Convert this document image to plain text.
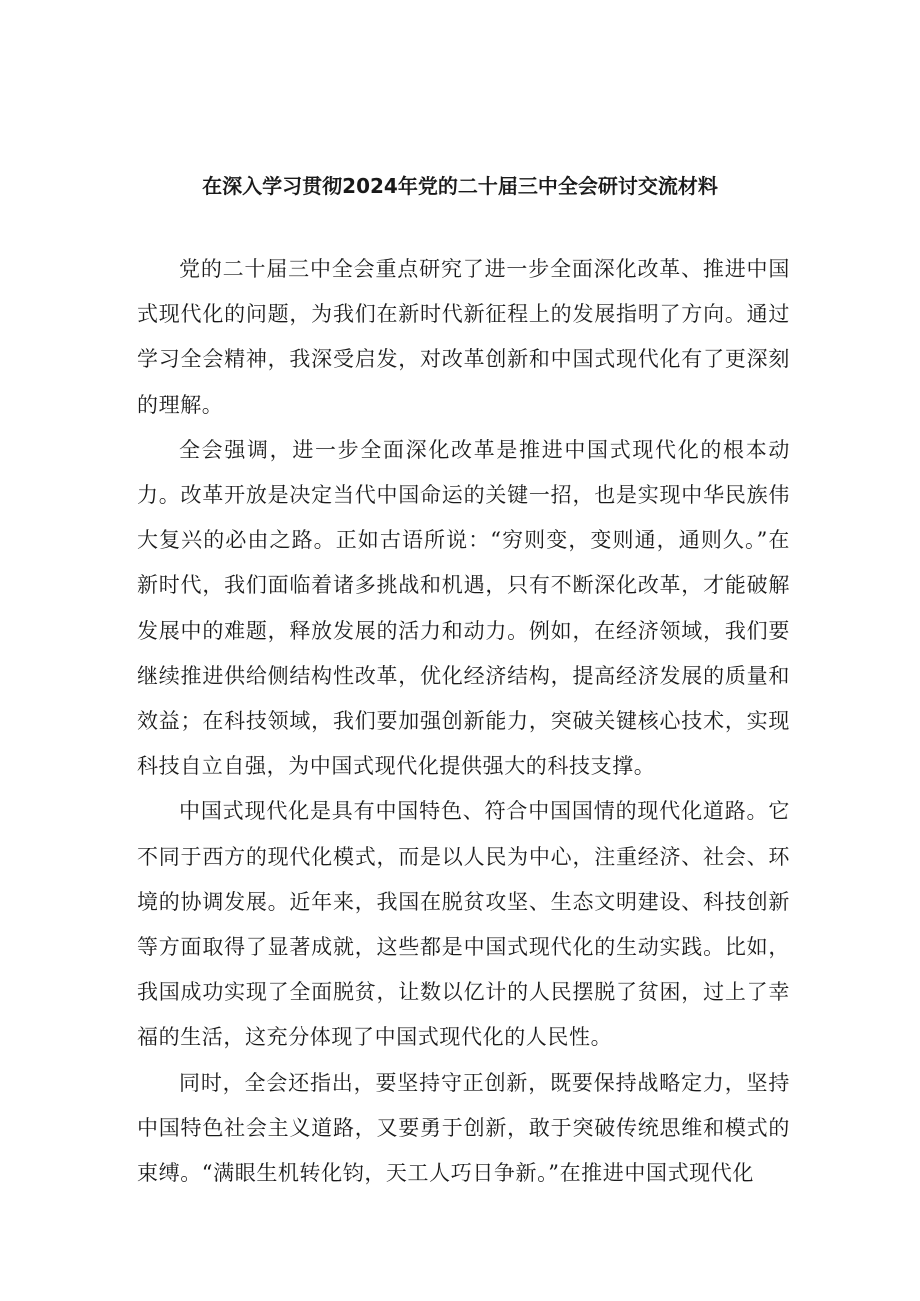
在深入学习贯彻2024年党的二十届三中全会研讨交流材料

党的二十届三中全会重点研究了进一步全面深化改革、推进中国式现代化的问题，为我们在新时代新征程上的发展指明了方向。通过学习全会精神，我深受启发，对改革创新和中国式现代化有了更深刻的理解。

全会强调，进一步全面深化改革是推进中国式现代化的根本动力。改革开放是决定当代中国命运的关键一招，也是实现中华民族伟大复兴的必由之路。正如古语所说：“穷则变，变则通，通则久。”在新时代，我们面临着诸多挑战和机遇，只有不断深化改革，才能破解发展中的难题，释放发展的活力和动力。例如，在经济领域，我们要继续推进供给侧结构性改革，优化经济结构，提高经济发展的质量和效益；在科技领域，我们要加强创新能力，突破关键核心技术，实现科技自立自强，为中国式现代化提供强大的科技支撑。

中国式现代化是具有中国特色、符合中国国情的现代化道路。它不同于西方的现代化模式，而是以人民为中心，注重经济、社会、环境的协调发展。近年来，我国在脱贫攻坚、生态文明建设、科技创新等方面取得了显著成就，这些都是中国式现代化的生动实践。比如，我国成功实现了全面脱贫，让数以亿计的人民摆脱了贫困，过上了幸福的生活，这充分体现了中国式现代化的人民性。

同时，全会还指出，要坚持守正创新，既要保持战略定力，坚持中国特色社会主义道路，又要勇于创新，敢于突破传统思维和模式的束缚。“满眼生机转化钧，天工人巧日争新。”在推进中国式现代化
